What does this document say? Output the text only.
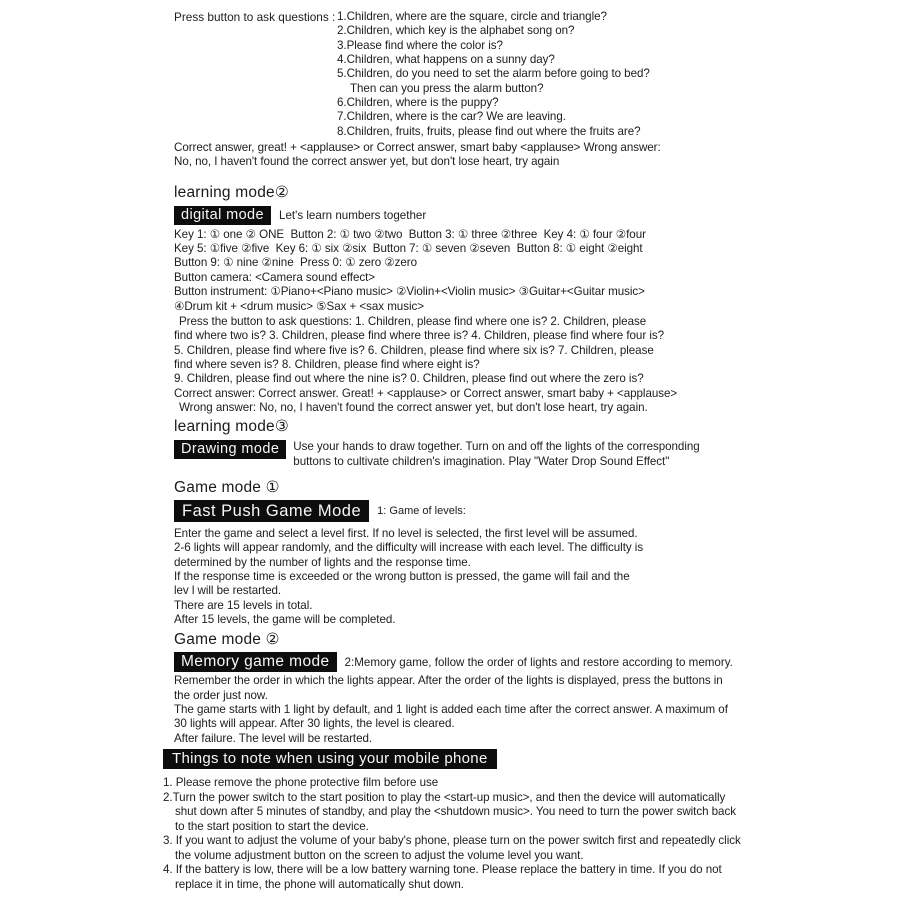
Press button to ask questions : 1.Children, where are the square, circle and triangle?
2.Children, which key is the alphabet song on?
3.Please find where the color is?
4.Children, what happens on a sunny day?
5.Children, do you need to set the alarm before going to bed?
Then can you press the alarm button?
6.Children, where is the puppy?
7.Children, where is the car? We are leaving.
8.Children, fruits, fruits, please find out where the fruits are?
Correct answer, great! + <applause> or Correct answer, smart baby <applause> Wrong answer:
No, no, I haven't found the correct answer yet, but don't lose heart, try again
learning mode②
digital mode	Let's learn numbers together
Key 1: ① one ② ONE  Button 2: ① two ②two  Button 3: ① three ②three  Key 4: ① four ②four
Key 5: ①five ②five  Key 6: ① six ②six  Button 7: ① seven ②seven  Button 8: ① eight ②eight
Button 9: ① nine ②nine  Press 0: ① zero ②zero
Button camera: <Camera sound effect>
Button instrument: ①Piano+<Piano music> ②Violin+<Violin music> ③Guitar+<Guitar music>
④Drum kit + <drum music> ⑤Sax + <sax music>
Press the button to ask questions: 1. Children, please find where one is? 2. Children, please
find where two is? 3. Children, please find where three is? 4. Children, please find where four is?
5. Children, please find where five is? 6. Children, please find where six is? 7. Children, please
find where seven is? 8. Children, please find where eight is?
9. Children, please find out where the nine is? 0. Children, please find out where the zero is?
Correct answer: Correct answer. Great! + <applause> or Correct answer, smart baby + <applause>
Wrong answer: No, no, I haven't found the correct answer yet, but don't lose heart, try again.
learning mode③
Drawing mode	Use your hands to draw together. Turn on and off the lights of the corresponding
buttons to cultivate children's imagination. Play "Water Drop Sound Effect"
Game mode ①
Fast Push Game Mode	1: Game of levels:
Enter the game and select a level first. If no level is selected, the first level will be assumed.
2-6 lights will appear randomly, and the difficulty will increase with each level. The difficulty is
determined by the number of lights and the response time.
If the response time is exceeded or the wrong button is pressed, the game will fail and the
lev l will be restarted.
There are 15 levels in total.
After 15 levels, the game will be completed.
Game mode ②
Memory game mode	2:Memory game, follow the order of lights and restore according to memory.
Remember the order in which the lights appear. After the order of the lights is displayed, press the buttons in
the order just now.
The game starts with 1 light by default, and 1 light is added each time after the correct answer. A maximum of
30 lights will appear. After 30 lights, the level is cleared.
After failure. The level will be restarted.
Things to note when using your mobile phone
1. Please remove the phone protective film before use
2.Turn the power switch to the start position to play the <start-up music>, and then the device will automatically
shut down after 5 minutes of standby, and play the <shutdown music>. You need to turn the power switch back
to the start position to start the device.
3. If you want to adjust the volume of your baby's phone, please turn on the power switch first and repeatedly click
the volume adjustment button on the screen to adjust the volume level you want.
4. If the battery is low, there will be a low battery warning tone. Please replace the battery in time. If you do not
replace it in time, the phone will automatically shut down.
